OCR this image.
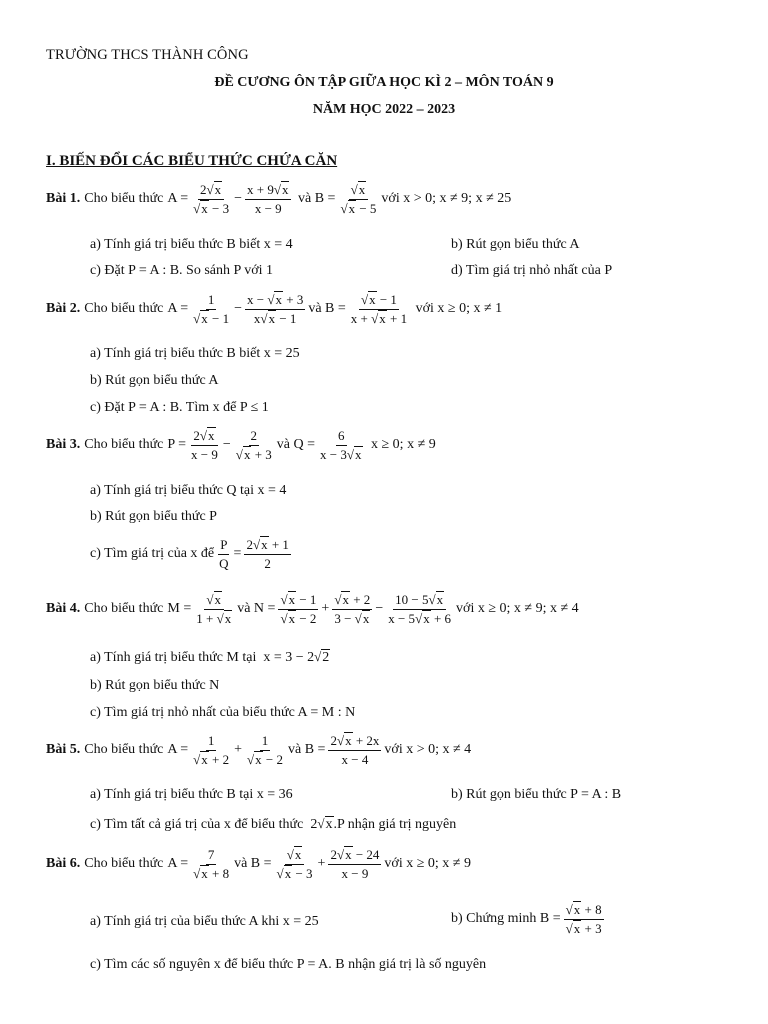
TRƯỜNG THCS THÀNH CÔNG
ĐỀ CƯƠNG ÔN TẬP GIỮA HỌC KÌ 2 – MÔN TOÁN 9
NĂM HỌC 2022 – 2023
I. BIẾN ĐỔI CÁC BIỂU THỨC CHỨA CĂN
Bài 1. Cho biểu thức $A = \frac{2√x}{√x - 3} - \frac{x + 9√x}{x - 9}$ và $B = \frac{√x}{√x - 5}$ với x > 0; x ≠ 9; x ≠ 25
a) Tính giá trị biểu thức B biết x = 4	b) Rút gọn biểu thức A
c) Đặt P = A : B. So sánh P với 1	d) Tìm giá trị nhỏ nhất của P
Bài 2. Cho biểu thức $A = \frac{1}{√x - 1} - \frac{x - √x + 3}{x√x - 1}$ và $B = \frac{√x - 1}{x + √x + 1}$
với x ≥ 0; x ≠ 1
a) Tính giá trị biểu thức B biết x = 25
b) Rút gọn biểu thức A
c) Đặt P = A : B. Tìm x để P ≤ 1
Bài 3. Cho biểu thức $P = \frac{2√x}{x - 9} - \frac{2}{√x + 3}$ và $Q = \frac{6}{x - 3√x}$
x ≥ 0; x ≠ 9
a) Tính giá trị biểu thức Q tại x = 4
b) Rút gọn biểu thức P
c) Tìm giá trị của x để $\frac{P}{Q} = \frac{2√x + 1}{2}$
Bài 4. Cho biểu thức $M = \frac{√x}{1 + √x}$ và $N = \frac{√x - 1}{√x - 2} + \frac{√x + 2}{3 - √x} - \frac{10 - 5√x}{x - 5√x + 6}$ với x ≥ 0; x ≠ 9; x ≠ 4
a) Tính giá trị biểu thức M tại x = 3 − 2√2
b) Rút gọn biểu thức N
c) Tìm giá trị nhỏ nhất của biểu thức A = M : N
Bài 5. Cho biểu thức $A = \frac{1}{√x + 2} + \frac{1}{√x - 2}$ và $B = \frac{2√x + 2x}{x - 4}$ với x > 0; x ≠ 4
a) Tính giá trị biểu thức B tại x = 36	b) Rút gọn biểu thức P = A : B
c) Tìm tất cả giá trị của x để biểu thức 2√x .P nhận giá trị nguyên
Bài 6. Cho biểu thức $A = \frac{7}{√x + 8}$ và $B = \frac{√x}{√x - 3} + \frac{2√x - 24}{x - 9}$ với x ≥ 0; x ≠ 9
a) Tính giá trị của biểu thức A khi x = 25	b) Chứng minh $B = \frac{√x + 8}{√x + 3}$
c) Tìm các số nguyên x để biểu thức P = A. B nhận giá trị là số nguyên
